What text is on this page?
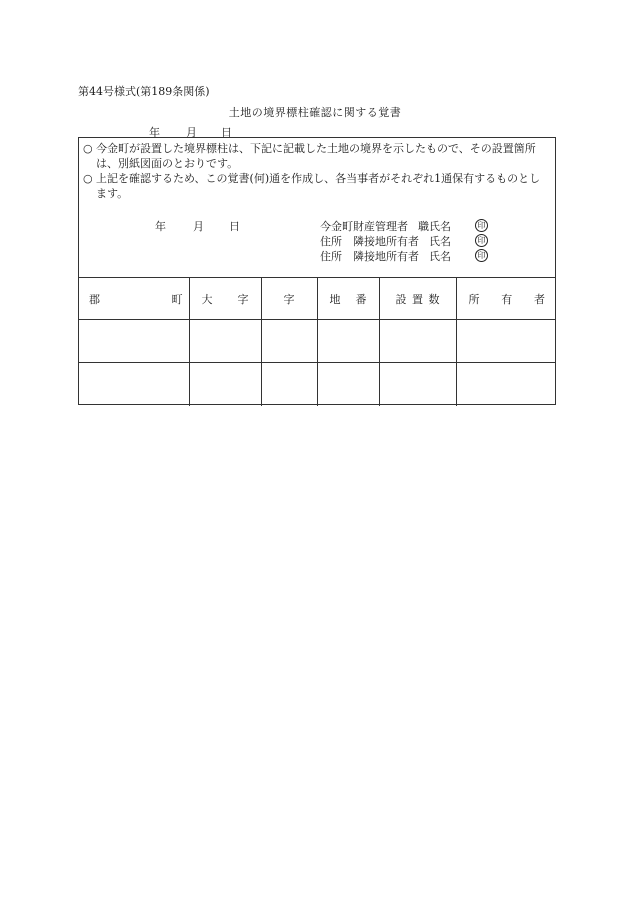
第44号様式(第189条関係)
土地の境界標柱確認に関する覚書
年 月 日
○ 今金町が設置した境界標柱は、下記に記載した土地の境界を示したもので、その設置箇所は、別紙図面のとおりです。
○ 上記を確認するため、この覚書(何)通を作成し、各当事者がそれぞれ1通保有するものとします。
年 月 日	今金町財産管理者 職氏名	印
住所　隣接地所有者 氏名	印
住所　隣接地所有者 氏名	印
郡 町	大 字	字	地 番	設 置 数	所 有 者
